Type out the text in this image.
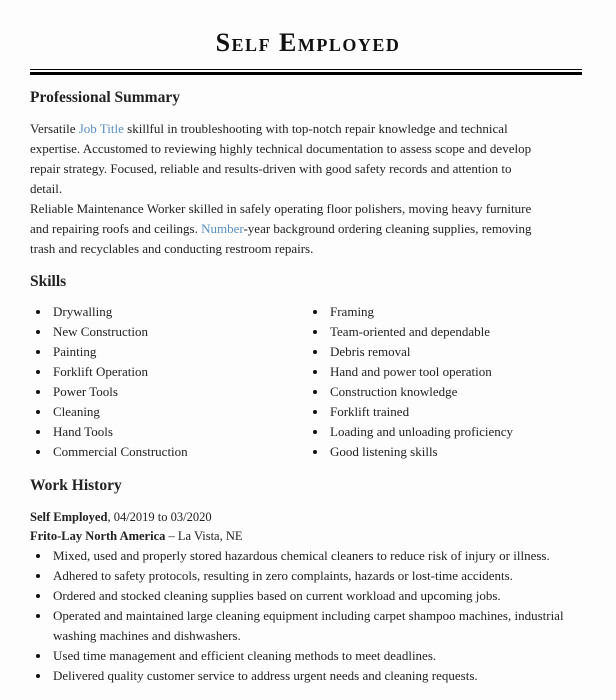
Self Employed
Professional Summary
Versatile Job Title skillful in troubleshooting with top-notch repair knowledge and technical
expertise. Accustomed to reviewing highly technical documentation to assess scope and develop
repair strategy. Focused, reliable and results-driven with good safety records and attention to
detail.
Reliable Maintenance Worker skilled in safely operating floor polishers, moving heavy furniture
and repairing roofs and ceilings. Number-year background ordering cleaning supplies, removing
trash and recyclables and conducting restroom repairs.
Skills
Drywalling
New Construction
Painting
Forklift Operation
Power Tools
Cleaning
Hand Tools
Commercial Construction
Framing
Team-oriented and dependable
Debris removal
Hand and power tool operation
Construction knowledge
Forklift trained
Loading and unloading proficiency
Good listening skills
Work History
Self Employed, 04/2019 to 03/2020
Frito-Lay North America – La Vista, NE
Mixed, used and properly stored hazardous chemical cleaners to reduce risk of injury or illness.
Adhered to safety protocols, resulting in zero complaints, hazards or lost-time accidents.
Ordered and stocked cleaning supplies based on current workload and upcoming jobs.
Operated and maintained large cleaning equipment including carpet shampoo machines, industrial washing machines and dishwashers.
Used time management and efficient cleaning methods to meet deadlines.
Delivered quality customer service to address urgent needs and cleaning requests.
